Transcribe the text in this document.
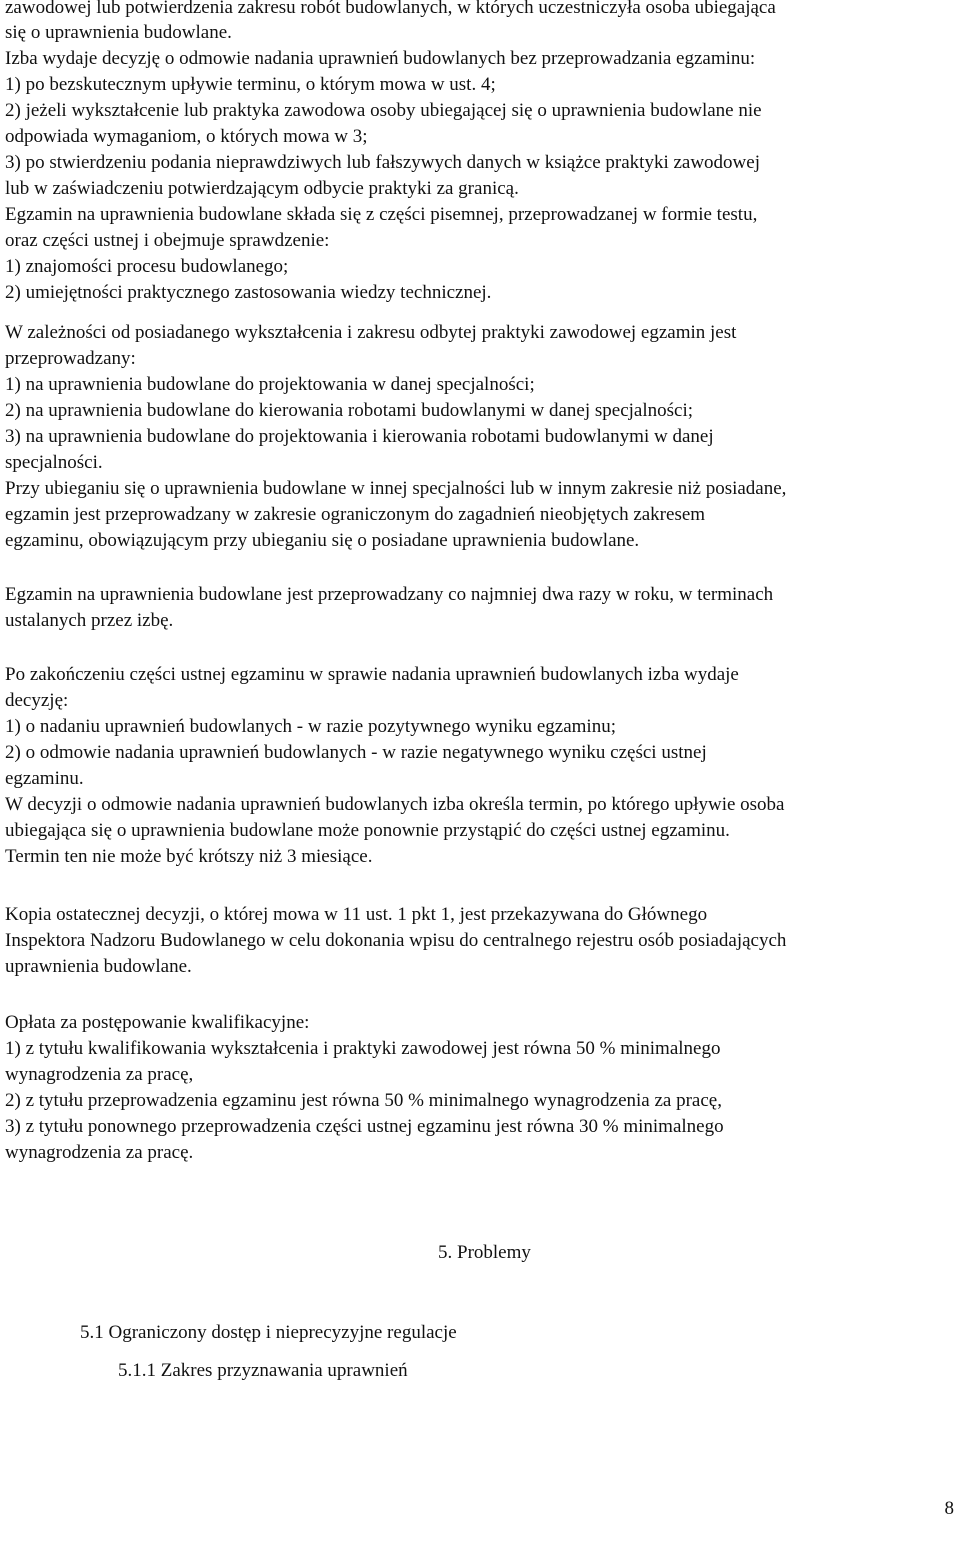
zawodowej lub potwierdzenia zakresu robót budowlanych, w których uczestniczyła osoba ubiegająca
się o uprawnienia budowlane.
Izba wydaje decyzję o odmowie nadania uprawnień budowlanych bez przeprowadzania egzaminu:
1) po bezskutecznym upływie terminu, o którym mowa w ust. 4;
2) jeżeli wykształcenie lub praktyka zawodowa osoby ubiegającej się o uprawnienia budowlane nie
odpowiada wymaganiom, o których mowa w 3;
3) po stwierdzeniu podania nieprawdziwych lub fałszywych danych w książce praktyki zawodowej
lub w zaświadczeniu potwierdzającym odbycie praktyki za granicą.
Egzamin na uprawnienia budowlane składa się z części pisemnej, przeprowadzanej w formie testu,
oraz części ustnej i obejmuje sprawdzenie:
1) znajomości procesu budowlanego;
2) umiejętności praktycznego zastosowania wiedzy technicznej.
W zależności od posiadanego wykształcenia i zakresu odbytej praktyki zawodowej egzamin jest
przeprowadzany:
1) na uprawnienia budowlane do projektowania w danej specjalności;
2) na uprawnienia budowlane do kierowania robotami budowlanymi w danej specjalności;
3) na uprawnienia budowlane do projektowania i kierowania robotami budowlanymi w danej
specjalności.
Przy ubieganiu się o uprawnienia budowlane w innej specjalności lub w innym zakresie niż posiadane,
egzamin jest przeprowadzany w zakresie ograniczonym do zagadnień nieobjętych zakresem
egzaminu, obowiązującym przy ubieganiu się o posiadane uprawnienia budowlane.
Egzamin na uprawnienia budowlane jest przeprowadzany co najmniej dwa razy w roku, w terminach
ustalanych przez izbę.
Po zakończeniu części ustnej egzaminu w sprawie nadania uprawnień budowlanych izba wydaje
decyzję:
1) o nadaniu uprawnień budowlanych - w razie pozytywnego wyniku egzaminu;
2) o odmowie nadania uprawnień budowlanych - w razie negatywnego wyniku części ustnej
egzaminu.
W decyzji o odmowie nadania uprawnień budowlanych izba określa termin, po którego upływie osoba
ubiegająca się o uprawnienia budowlane może ponownie przystąpić do części ustnej egzaminu.
Termin ten nie może być krótszy niż 3 miesiące.
Kopia ostatecznej decyzji, o której mowa w 11 ust. 1 pkt 1, jest przekazywana do Głównego
Inspektora Nadzoru Budowlanego w celu dokonania wpisu do centralnego rejestru osób posiadających
uprawnienia budowlane.
Opłata za postępowanie kwalifikacyjne:
1) z tytułu kwalifikowania wykształcenia i praktyki zawodowej jest równa 50 % minimalnego
wynagrodzenia za pracę,
2) z tytułu przeprowadzenia egzaminu jest równa 50 % minimalnego wynagrodzenia za pracę,
3) z tytułu ponownego przeprowadzenia części ustnej egzaminu jest równa 30 % minimalnego
wynagrodzenia za pracę.
5. Problemy
5.1 Ograniczony dostęp i nieprecyzyjne regulacje
5.1.1 Zakres przyznawania uprawnień
8
